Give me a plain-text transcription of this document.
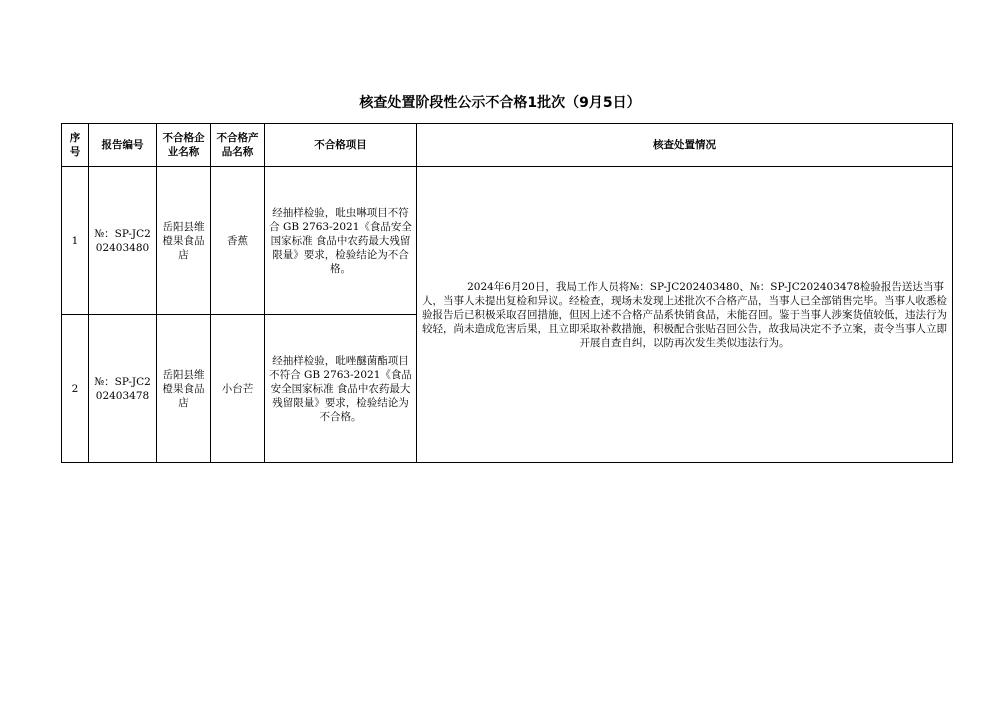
核查处置阶段性公示不合格1批次（9月5日）
序号	报告编号	不合格企业名称	不合格产品名称	不合格项目	核查处置情况
1	№：SP-JC202403480	岳阳县维橙果食品店	香蕉	经抽样检验，吡虫啉项目不符合 GB 2763-2021《食品安全国家标准 食品中农药最大残留限量》要求，检验结论为不合格。	2024年6月20日，我局工作人员将№：SP-JC202403480、№：SP-JC202403478检验报告送达当事人，当事人未提出复检和异议。经检查，现场未发现上述批次不合格产品，当事人已全部销售完毕。当事人收悉检验报告后已积极采取召回措施，但因上述不合格产品系快销食品，未能召回。鉴于当事人涉案货值较低，违法行为较轻，尚未造成危害后果，且立即采取补救措施，积极配合张贴召回公告，故我局决定不予立案，责令当事人立即开展自查自纠，以防再次发生类似违法行为。
2	№：SP-JC202403478	岳阳县维橙果食品店	小台芒	经抽样检验，吡唑醚菌酯项目不符合 GB 2763-2021《食品安全国家标准 食品中农药最大残留限量》要求，检验结论为不合格。	
